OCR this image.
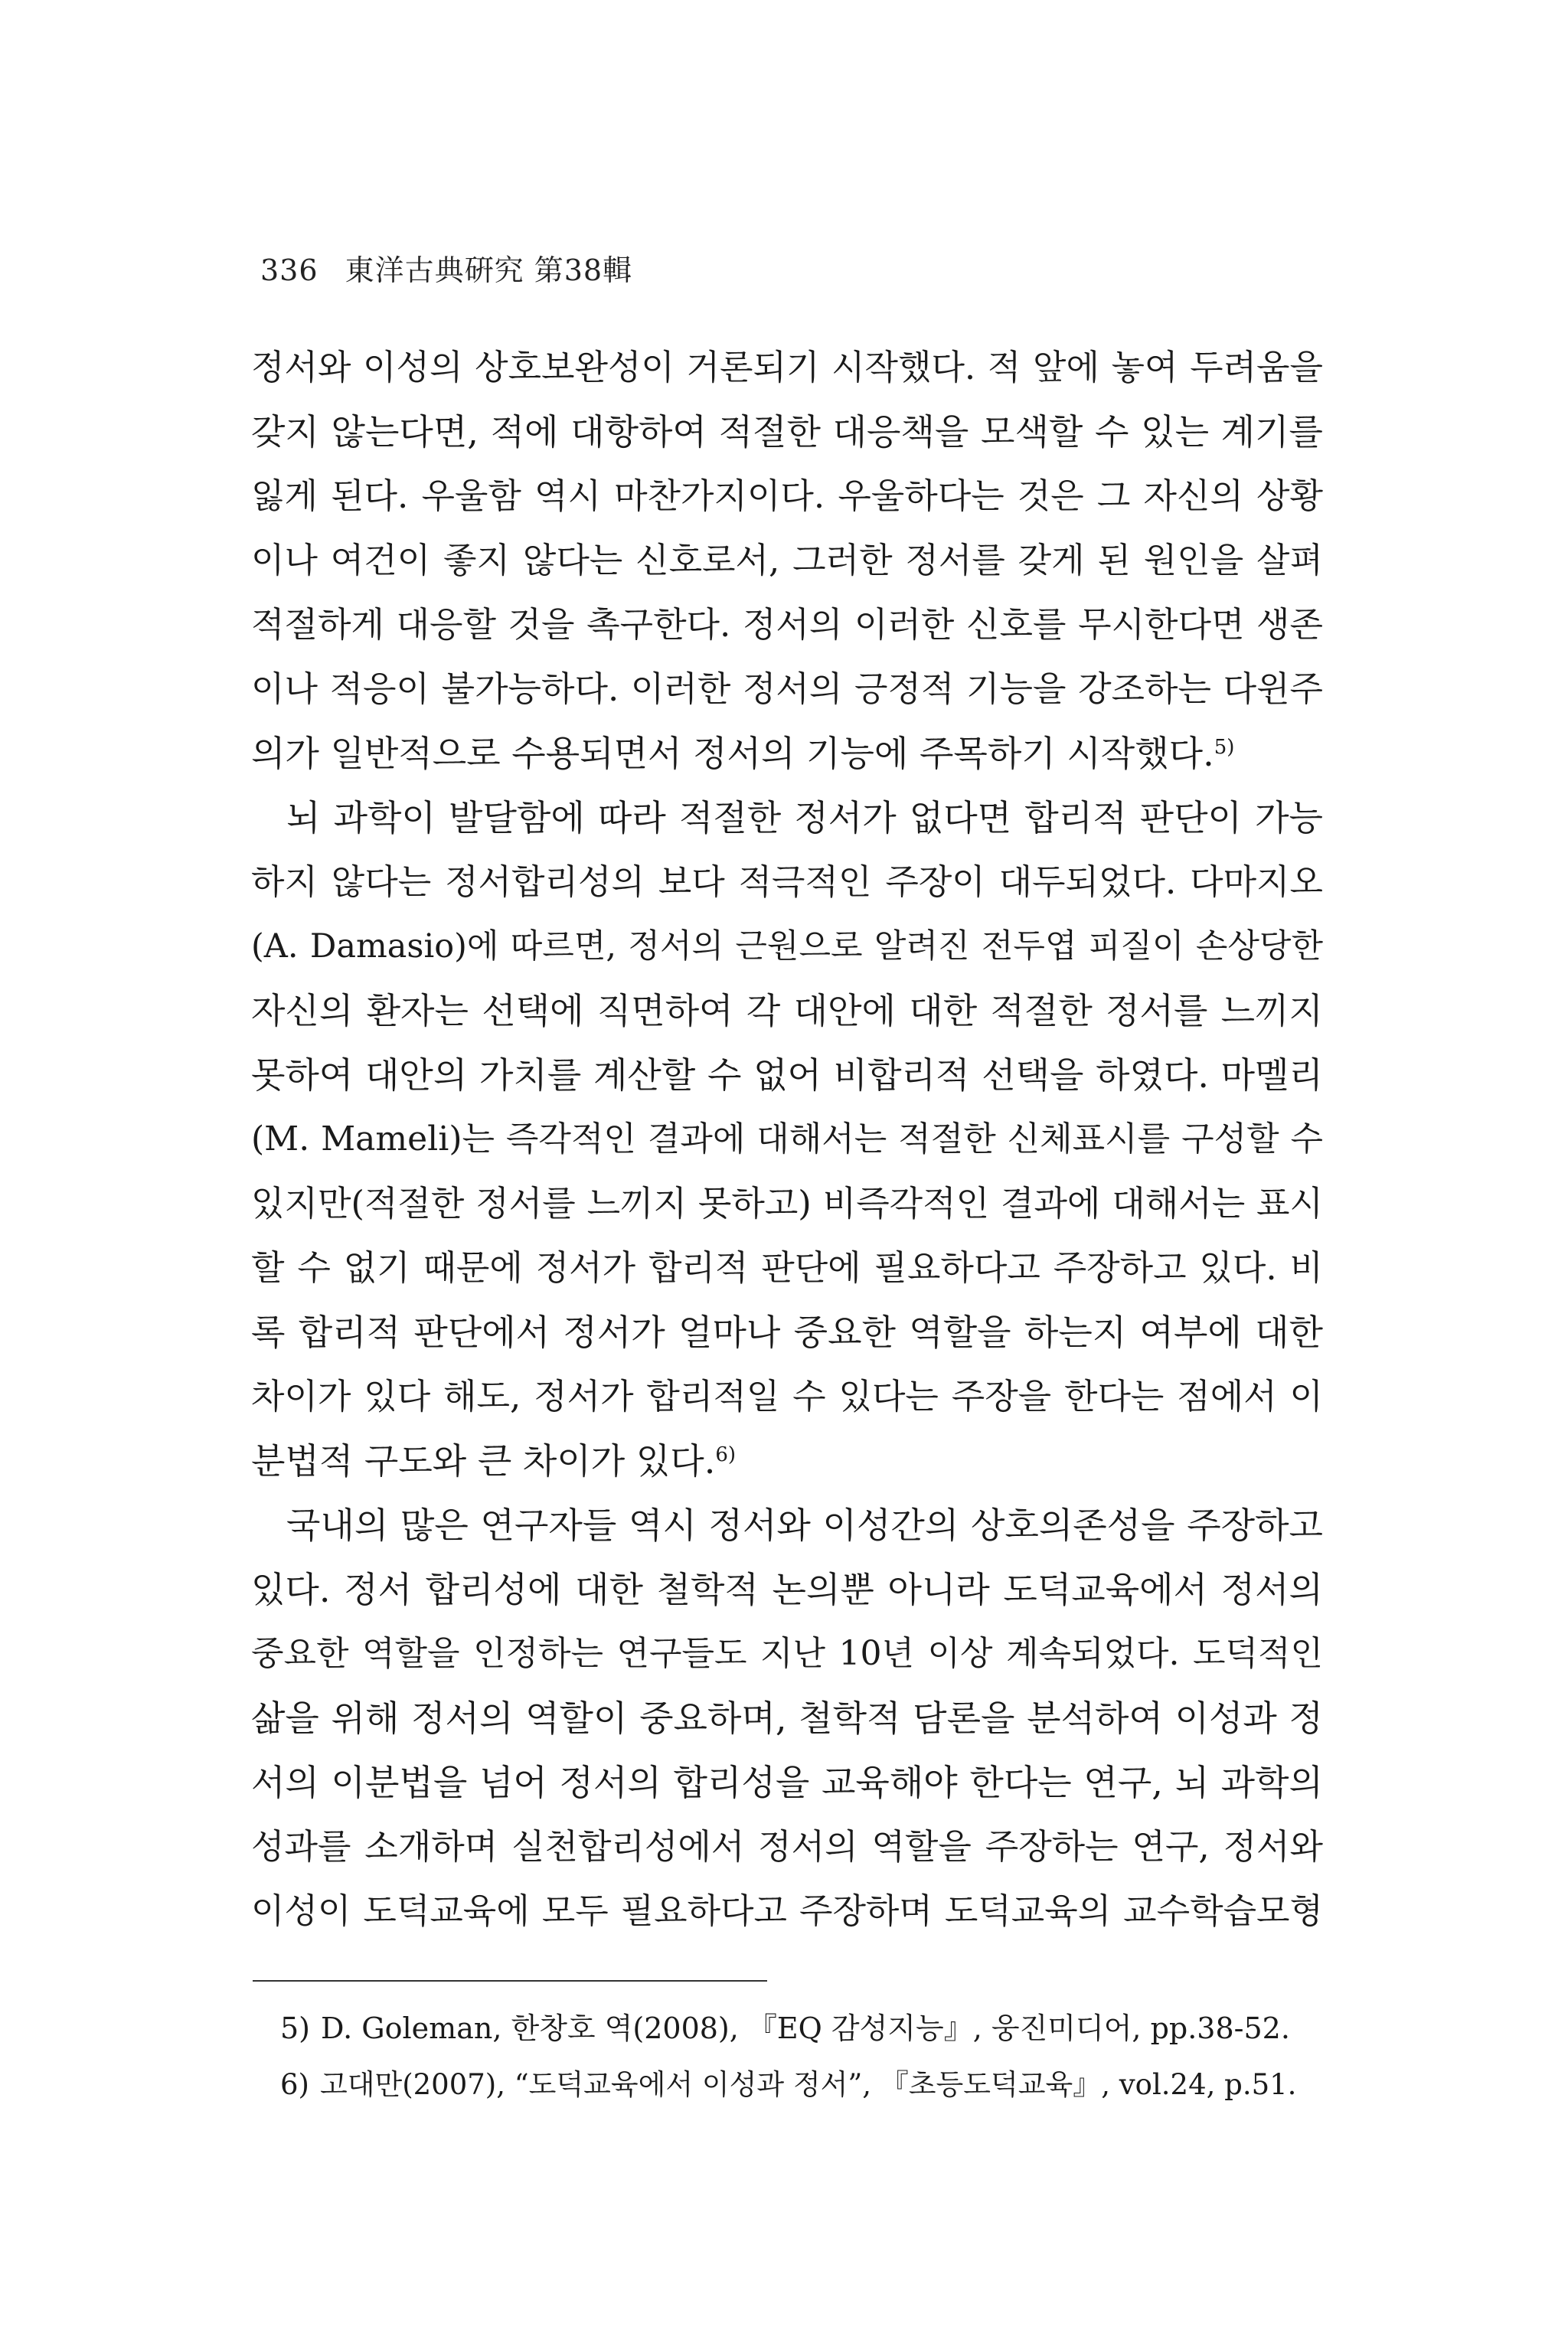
336 東洋古典硏究 第38輯
정서와 이성의 상호보완성이 거론되기 시작했다. 적 앞에 놓여 두려움을
갖지 않는다면, 적에 대항하여 적절한 대응책을 모색할 수 있는 계기를
잃게 된다. 우울함 역시 마찬가지이다. 우울하다는 것은 그 자신의 상황
이나 여건이 좋지 않다는 신호로서, 그러한 정서를 갖게 된 원인을 살펴
적절하게 대응할 것을 촉구한다. 정서의 이러한 신호를 무시한다면 생존
이나 적응이 불가능하다. 이러한 정서의 긍정적 기능을 강조하는 다윈주
의가 일반적으로 수용되면서 정서의 기능에 주목하기 시작했다.$^{5)}$
뇌 과학이 발달함에 따라 적절한 정서가 없다면 합리적 판단이 가능
하지 않다는 정서합리성의 보다 적극적인 주장이 대두되었다. 다마지오
(A. Damasio)에 따르면, 정서의 근원으로 알려진 전두엽 피질이 손상당한
자신의 환자는 선택에 직면하여 각 대안에 대한 적절한 정서를 느끼지
못하여 대안의 가치를 계산할 수 없어 비합리적 선택을 하였다. 마멜리
(M. Mameli)는 즉각적인 결과에 대해서는 적절한 신체표시를 구성할 수
있지만(적절한 정서를 느끼지 못하고) 비즉각적인 결과에 대해서는 표시
할 수 없기 때문에 정서가 합리적 판단에 필요하다고 주장하고 있다. 비
록 합리적 판단에서 정서가 얼마나 중요한 역할을 하는지 여부에 대한
차이가 있다 해도, 정서가 합리적일 수 있다는 주장을 한다는 점에서 이
분법적 구도와 큰 차이가 있다.$^{6)}$
국내의 많은 연구자들 역시 정서와 이성간의 상호의존성을 주장하고
있다. 정서 합리성에 대한 철학적 논의뿐 아니라 도덕교육에서 정서의
중요한 역할을 인정하는 연구들도 지난 10년 이상 계속되었다. 도덕적인
삶을 위해 정서의 역할이 중요하며, 철학적 담론을 분석하여 이성과 정
서의 이분법을 넘어 정서의 합리성을 교육해야 한다는 연구, 뇌 과학의
성과를 소개하며 실천합리성에서 정서의 역할을 주장하는 연구, 정서와
이성이 도덕교육에 모두 필요하다고 주장하며 도덕교육의 교수학습모형
5) D. Goleman, 한창호 역(2008), 『EQ 감성지능』, 웅진미디어, pp.38-52.
6) 고대만(2007), “도덕교육에서 이성과 정서”, 『초등도덕교육』, vol.24, p.51.
